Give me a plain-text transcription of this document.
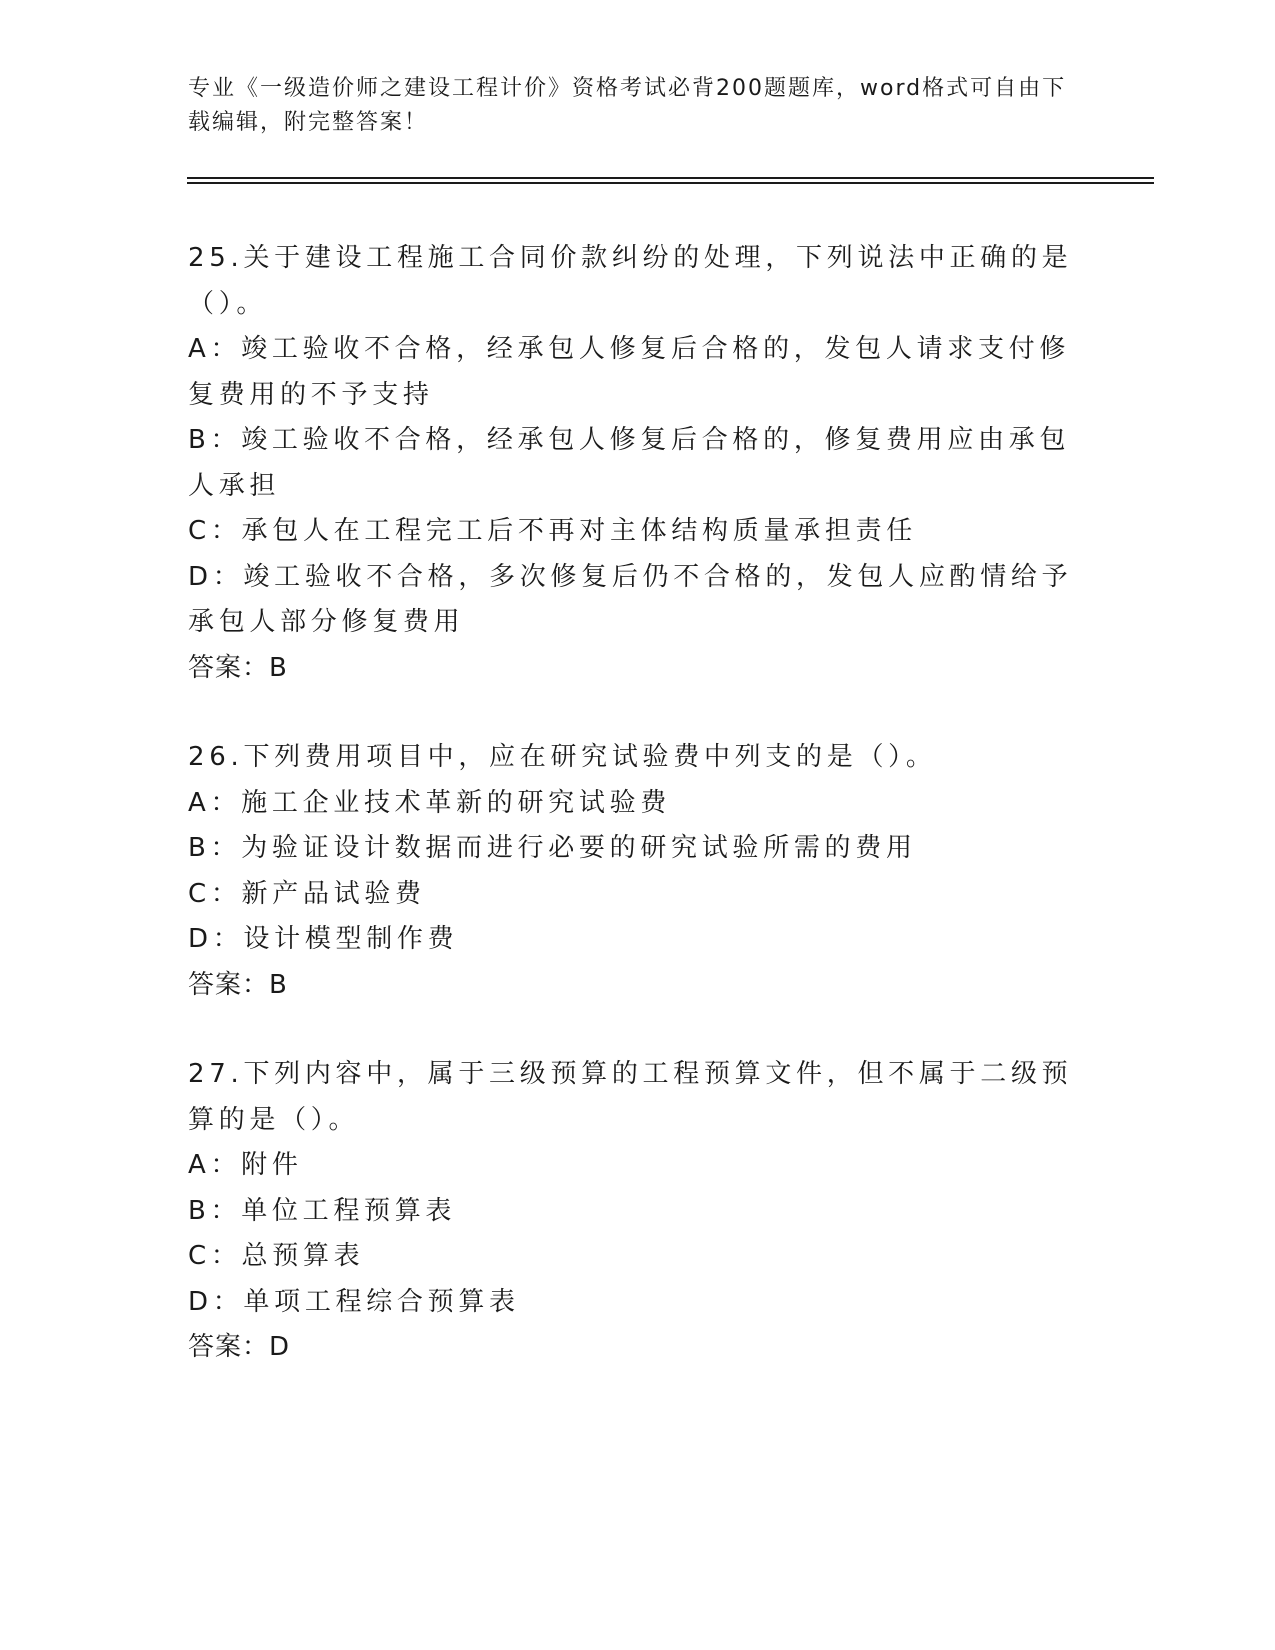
专业《一级造价师之建设工程计价》资格考试必背200题题库，word格式可自由下载编辑，附完整答案！
25.关于建设工程施工合同价款纠纷的处理，下列说法中正确的是（）。
A：竣工验收不合格，经承包人修复后合格的，发包人请求支付修复费用的不予支持
B：竣工验收不合格，经承包人修复后合格的，修复费用应由承包人承担
C：承包人在工程完工后不再对主体结构质量承担责任
D：竣工验收不合格，多次修复后仍不合格的，发包人应酌情给予承包人部分修复费用
答案：B
26.下列费用项目中，应在研究试验费中列支的是（）。
A：施工企业技术革新的研究试验费
B：为验证设计数据而进行必要的研究试验所需的费用
C：新产品试验费
D：设计模型制作费
答案：B
27.下列内容中，属于三级预算的工程预算文件，但不属于二级预算的是（）。
A：附件
B：单位工程预算表
C：总预算表
D：单项工程综合预算表
答案：D
